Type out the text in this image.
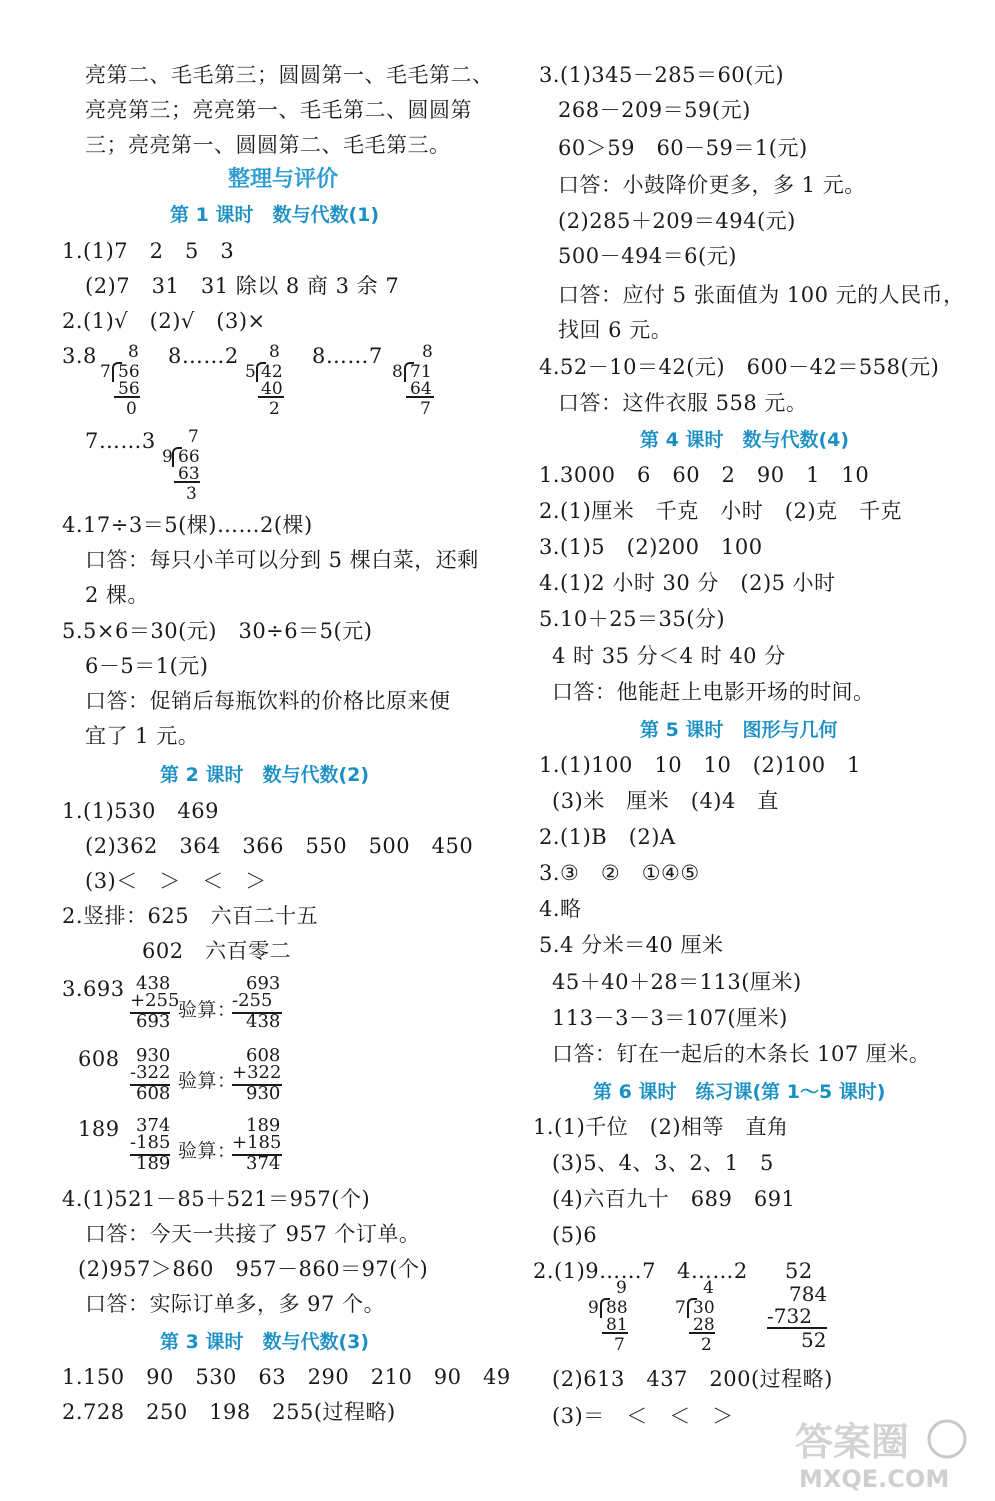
亮第二、毛毛第三；圆圆第一、毛毛第二、
亮亮第三；亮亮第一、毛毛第二、圆圆第
三；亮亮第一、圆圆第二、毛毛第三。
整理与评价
第 1 课时　数与代数(1)
1.(1)7　2　5　3
(2)7　31　31 除以 8 商 3 余 7
2.(1)√　(2)√　(3)×
3.8 8
7 56
56
0
8……2 8
5 42
40
2
8……7 8
8 71
64
7
7……3 7
9 66
63
3
4.17÷3＝5(棵)……2(棵)
口答：每只小羊可以分到 5 棵白菜，还剩
2 棵。
5.5×6＝30(元)　30÷6＝5(元)
6－5＝1(元)
口答：促销后每瓶饮料的价格比原来便
宜了 1 元。
第 2 课时　数与代数(2)
1.(1)530　469
(2)362　364　366　550　500　450
(3)＜　＞　＜　＞
2.竖排：625　六百二十五
602　六百零二
3.693 438
+255
693
验算：
693
-255
438
608 930
-322
608
验算：
608
+322
930
189 374
-185
189
验算：
189
+185
374
4.(1)521－85＋521＝957(个)
口答：今天一共接了 957 个订单。
(2)957＞860　957－860＝97(个)
口答：实际订单多，多 97 个。
第 3 课时　数与代数(3)
1.150　90　530　63　290　210　90　49
2.728　250　198　255(过程略)
3.(1)345－285＝60(元)
268－209＝59(元)
60＞59　60－59＝1(元)
口答：小鼓降价更多，多 1 元。
(2)285＋209＝494(元)
500－494＝6(元)
口答：应付 5 张面值为 100 元的人民币，
找回 6 元。
4.52－10＝42(元)　600－42＝558(元)
口答：这件衣服 558 元。
第 4 课时　数与代数(4)
1.3000　6　60　2　90　1　10
2.(1)厘米　千克　小时　(2)克　千克
3.(1)5　(2)200　100
4.(1)2 小时 30 分　(2)5 小时
5.10＋25＝35(分)
4 时 35 分＜4 时 40 分
口答：他能赶上电影开场的时间。
第 5 课时　图形与几何
1.(1)100　10　10　(2)100　1
(3)米　厘米　(4)4　直
2.(1)B　(2)A
3.③　②　①④⑤
4.略
5.4 分米＝40 厘米
45＋40＋28＝113(厘米)
113－3－3＝107(厘米)
口答：钉在一起后的木条长 107 厘米。
第 6 课时　练习课(第 1～5 课时)
1.(1)千位　(2)相等　直角
(3)5、4、3、2、1　5
(4)六百九十　689　691
(5)6
2.(1)9……7
9
9 88
81
7
4……2
4
7 30
28
2
52
784
-732
52
(2)613　437　200(过程略)
(3)＝　＜　＜　＞
答案圈
MXQE.COM
